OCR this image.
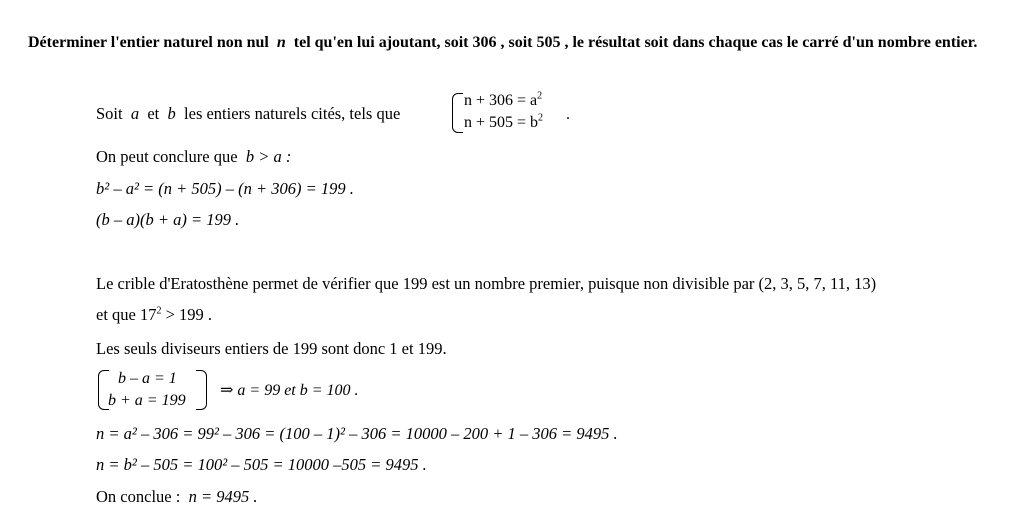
Déterminer l'entier naturel non nul n tel qu'en lui ajoutant, soit 306 , soit 505 , le résultat soit dans chaque cas le carré d'un nombre entier.
Soit a et b les entiers naturels cités, tels que
$n + 306 = a^2$
$n + 505 = b^2$ .
On peut conclure que b > a :
b² – a² = (n + 505) – (n + 306) = 199 .
(b – a)(b + a) = 199 .
Le crible d'Eratosthène permet de vérifier que 199 est un nombre premier, puisque non divisible par (2, 3, 5, 7, 11, 13)
et que $17^2 > 199$ .
Les seuls diviseurs entiers de 199 sont donc 1 et 199.
b – a = 1
b + a = 199
⇒ a = 99 et b = 100 .
n = a² – 306 = 99² – 306 = (100 – 1)² – 306 = 10000 – 200 + 1 – 306 = 9495 .
n = b² – 505 = 100² – 505 = 10000 –505 = 9495 .
On conclue : n = 9495 .
